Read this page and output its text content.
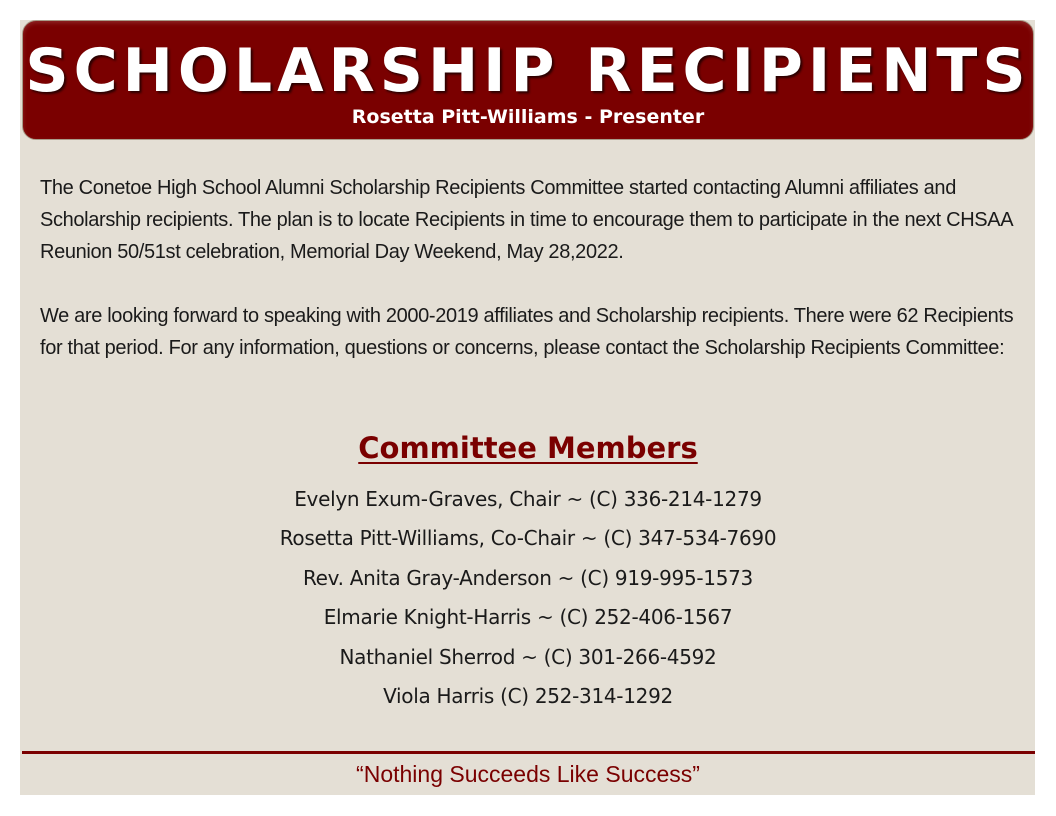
SCHOLARSHIP RECIPIENTS
Rosetta Pitt-Williams - Presenter

The Conetoe High School Alumni Scholarship Recipients Committee started contacting Alumni affiliates and Scholarship recipients. The plan is to locate Recipients in time to encourage them to participate in the next CHSAA Reunion 50/51st celebration, Memorial Day Weekend, May 28,2022.

We are looking forward to speaking with 2000-2019 affiliates and Scholarship recipients. There were 62 Recipients for that period. For any information, questions or concerns, please contact the Scholarship Recipients Committee:

Committee Members
Evelyn Exum-Graves, Chair ~ (C) 336-214-1279
Rosetta Pitt-Williams, Co-Chair ~ (C) 347-534-7690
Rev. Anita Gray-Anderson ~ (C) 919-995-1573
Elmarie Knight-Harris ~ (C) 252-406-1567
Nathaniel Sherrod ~ (C) 301-266-4592
Viola Harris (C) 252-314-1292
“Nothing Succeeds Like Success”
